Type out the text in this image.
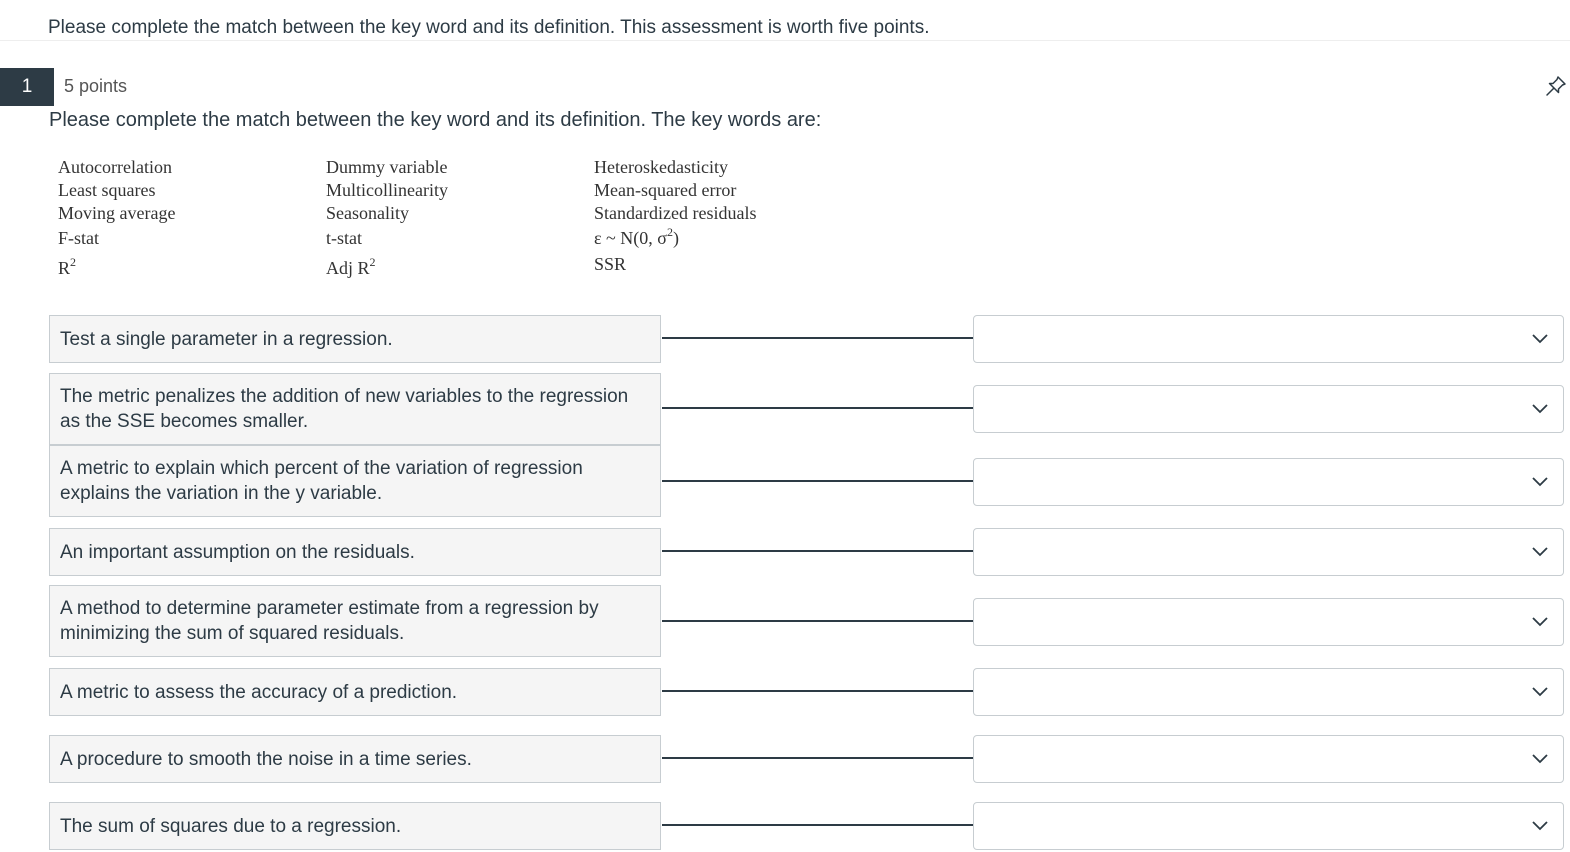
Please complete the match between the key word and its definition. This assessment is worth five points.
1	5 points
Please complete the match between the key word and its definition. The key words are:
Autocorrelation	Dummy variable	Heteroskedasticity
Least squares	Multicollinearity	Mean-squared error
Moving average	Seasonality	Standardized residuals
F-stat	t-stat	ε ~ N(0, $\sigma^2$)
$R^2$	Adj $R^2$	SSR
Test a single parameter in a regression.
The metric penalizes the addition of new variables to the regression as the SSE becomes smaller.
A metric to explain which percent of the variation of regression explains the variation in the y variable.
An important assumption on the residuals.
A method to determine parameter estimate from a regression by minimizing the sum of squared residuals.
A metric to assess the accuracy of a prediction.
A procedure to smooth the noise in a time series.
The sum of squares due to a regression.
